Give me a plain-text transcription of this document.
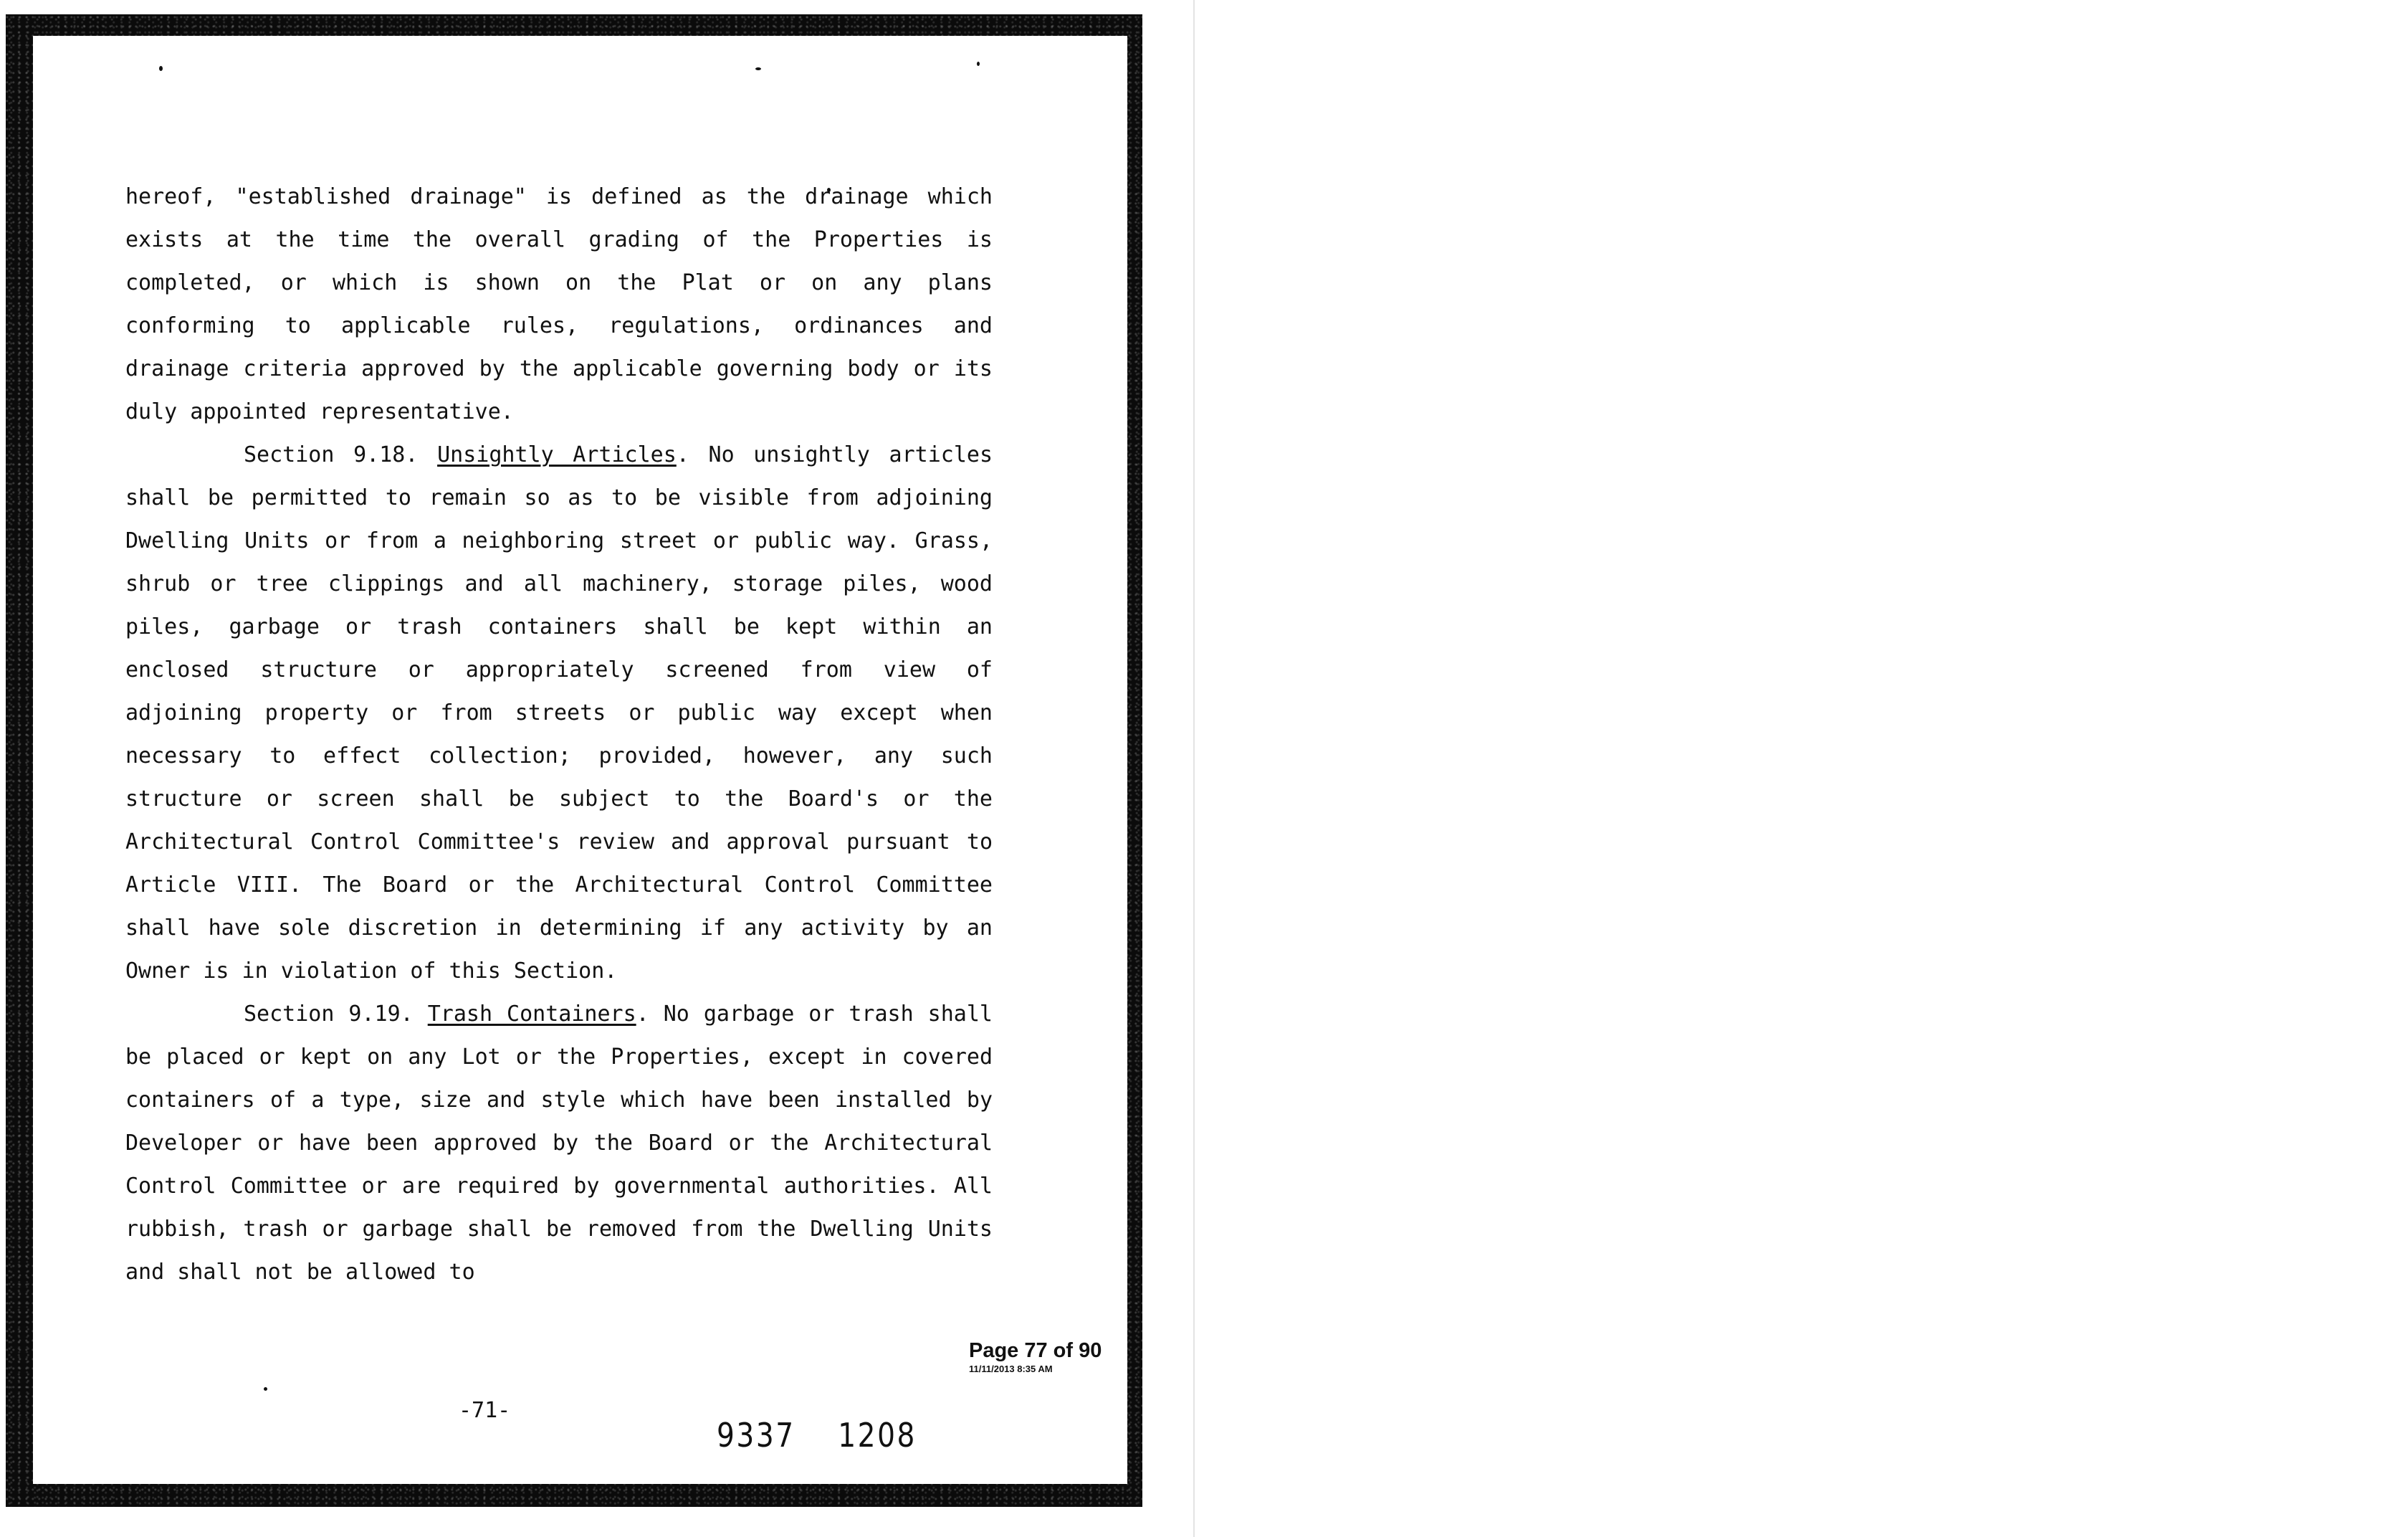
hereof, "established drainage" is defined as the drainage which exists at the time the overall grading of the Properties is completed, or which is shown on the Plat or on any plans conforming to applicable rules, regulations, ordinances and drainage criteria approved by the applicable governing body or its duly appointed representative.

Section 9.18. Unsightly Articles. No unsightly articles shall be permitted to remain so as to be visible from adjoining Dwelling Units or from a neighboring street or public way. Grass, shrub or tree clippings and all machinery, storage piles, wood piles, garbage or trash containers shall be kept within an enclosed structure or appropriately screened from view of adjoining property or from streets or public way except when necessary to effect collection; provided, however, any such structure or screen shall be subject to the Board's or the Architectural Control Committee's review and approval pursuant to Article VIII. The Board or the Architectural Control Committee shall have sole discretion in determining if any activity by an Owner is in violation of this Section.

Section 9.19. Trash Containers. No garbage or trash shall be placed or kept on any Lot or the Properties, except in covered containers of a type, size and style which have been installed by Developer or have been approved by the Board or the Architectural Control Committee or are required by governmental authorities. All rubbish, trash or garbage shall be removed from the Dwelling Units and shall not be allowed to

Page 77 of 90
11/11/2013 8:35 AM
-71-
9337 1208
